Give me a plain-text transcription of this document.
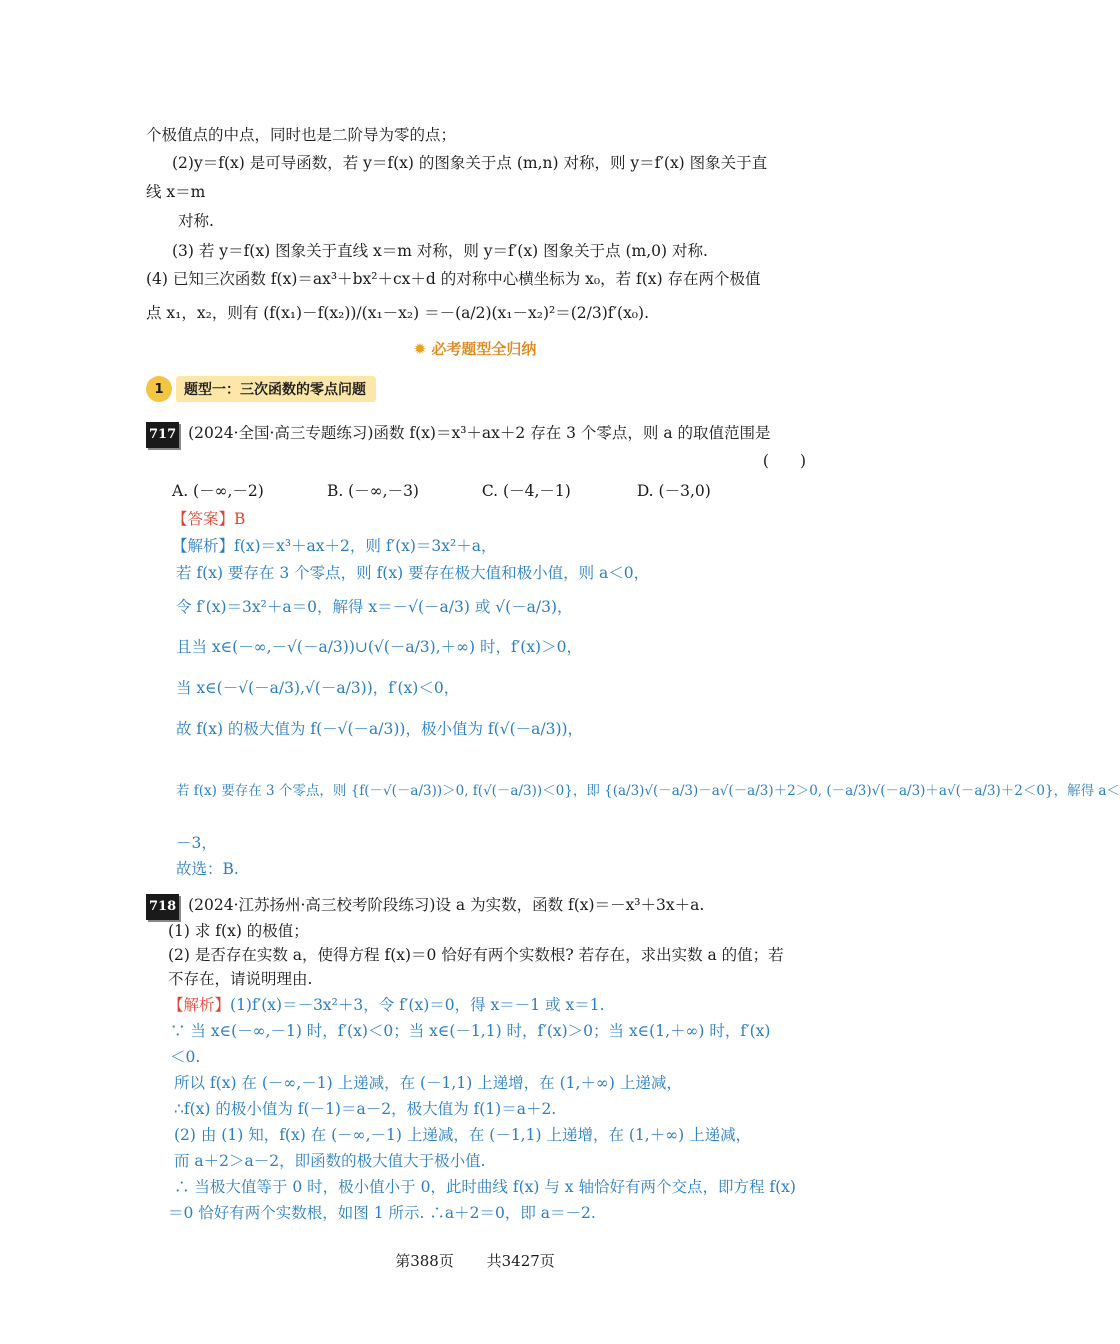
个极值点的中点，同时也是二阶导为零的点；
(2)y＝f(x) 是可导函数，若 y＝f(x) 的图象关于点 (m,n) 对称，则 y＝f′(x) 图象关于直
线 x＝m
对称.
(3) 若 y＝f(x) 图象关于直线 x＝m 对称，则 y＝f′(x) 图象关于点 (m,0) 对称.
(4) 已知三次函数 f(x)＝ax³＋bx²＋cx＋d 的对称中心横坐标为 x₀，若 f(x) 存在两个极值
点 x₁，x₂，则有 (f(x₁)－f(x₂))/(x₁－x₂) ＝－(a/2)(x₁－x₂)²＝(2/3)f′(x₀).
✹ 必考题型全归纳
1	题型一：三次函数的零点问题
717 (2024·全国·高三专题练习)函数 f(x)＝x³＋ax＋2 存在 3 个零点，则 a 的取值范围是
(　　)
A. (－∞,－2)	B. (－∞,－3)	C. (－4,－1)	D. (－3,0)
【答案】B
【解析】f(x)＝x³＋ax＋2，则 f′(x)＝3x²＋a，
若 f(x) 要存在 3 个零点，则 f(x) 要存在极大值和极小值，则 a＜0，
令 f′(x)＝3x²＋a＝0，解得 x＝－√(－a/3) 或 √(－a/3)，
且当 x∈(－∞,－√(－a/3))∪(√(－a/3),＋∞) 时，f′(x)＞0，
当 x∈(－√(－a/3),√(－a/3))，f′(x)＜0，
故 f(x) 的极大值为 f(－√(－a/3))，极小值为 f(√(－a/3))，
若 f(x) 要存在 3 个零点，则 {f(－√(－a/3))＞0, f(√(－a/3))＜0}，即 {(a/3)√(－a/3)－a√(－a/3)＋2＞0, (－a/3)√(－a/3)＋a√(－a/3)＋2＜0}，解得 a＜
－3，
故选：B.
718 (2024·江苏扬州·高三校考阶段练习)设 a 为实数，函数 f(x)＝－x³＋3x＋a.
(1) 求 f(x) 的极值；
(2) 是否存在实数 a，使得方程 f(x)＝0 恰好有两个实数根? 若存在，求出实数 a 的值；若
不存在，请说明理由.
【解析】(1)f′(x)＝－3x²＋3，令 f′(x)＝0，得 x＝－1 或 x＝1.
∵ 当 x∈(－∞,－1) 时，f′(x)＜0；当 x∈(－1,1) 时，f′(x)＞0；当 x∈(1,＋∞) 时，f′(x)
＜0.
所以 f(x) 在 (－∞,－1) 上递减，在 (－1,1) 上递增，在 (1,＋∞) 上递减，
∴f(x) 的极小值为 f(－1)＝a－2，极大值为 f(1)＝a＋2.
(2) 由 (1) 知，f(x) 在 (－∞,－1) 上递减，在 (－1,1) 上递增，在 (1,＋∞) 上递减，
而 a＋2＞a－2，即函数的极大值大于极小值.
∴ 当极大值等于 0 时，极小值小于 0，此时曲线 f(x) 与 x 轴恰好有两个交点，即方程 f(x)
＝0 恰好有两个实数根，如图 1 所示. ∴a＋2＝0，即 a＝－2.
第388页 共3427页
